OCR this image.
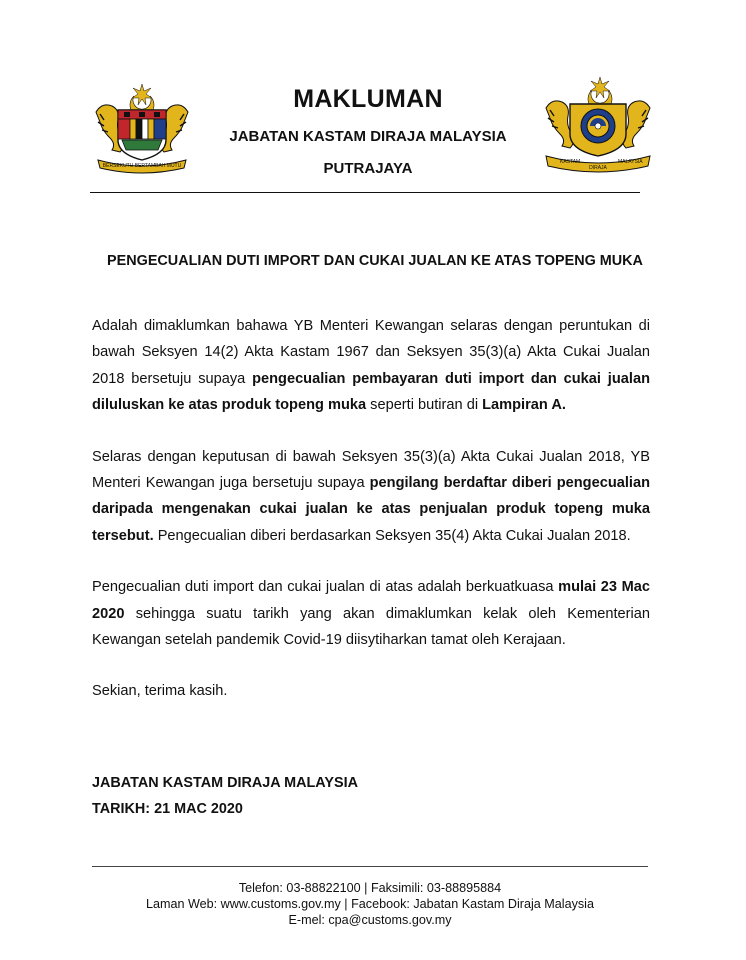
BERSEKUTU BERTAMBAH MUTU
KASTAM
DIRAJA
MALAYSIA
MAKLUMAN
JABATAN KASTAM DIRAJA MALAYSIA
PUTRAJAYA
PENGECUALIAN DUTI IMPORT DAN CUKAI JUALAN KE ATAS TOPENG MUKA

Adalah dimaklumkan bahawa YB Menteri Kewangan selaras dengan peruntukan di bawah Seksyen 14(2) Akta Kastam 1967 dan Seksyen 35(3)(a) Akta Cukai Jualan 2018 bersetuju supaya pengecualian pembayaran duti import dan cukai jualan diluluskan ke atas produk topeng muka seperti butiran di Lampiran A.

Selaras dengan keputusan di bawah Seksyen 35(3)(a) Akta Cukai Jualan 2018, YB Menteri Kewangan juga bersetuju supaya pengilang berdaftar diberi pengecualian daripada mengenakan cukai jualan ke atas penjualan produk topeng muka tersebut. Pengecualian diberi berdasarkan Seksyen 35(4) Akta Cukai Jualan 2018.

Pengecualian duti import dan cukai jualan di atas adalah berkuatkuasa mulai 23 Mac 2020 sehingga suatu tarikh yang akan dimaklumkan kelak oleh Kementerian Kewangan setelah pandemik Covid-19 diisytiharkan tamat oleh Kerajaan.

Sekian, terima kasih.

JABATAN KASTAM DIRAJA MALAYSIA
TARIKH: 21 MAC 2020
Telefon: 03-88822100 | Faksimili: 03-88895884
Laman Web: www.customs.gov.my | Facebook: Jabatan Kastam Diraja Malaysia
E-mel: cpa@customs.gov.my
